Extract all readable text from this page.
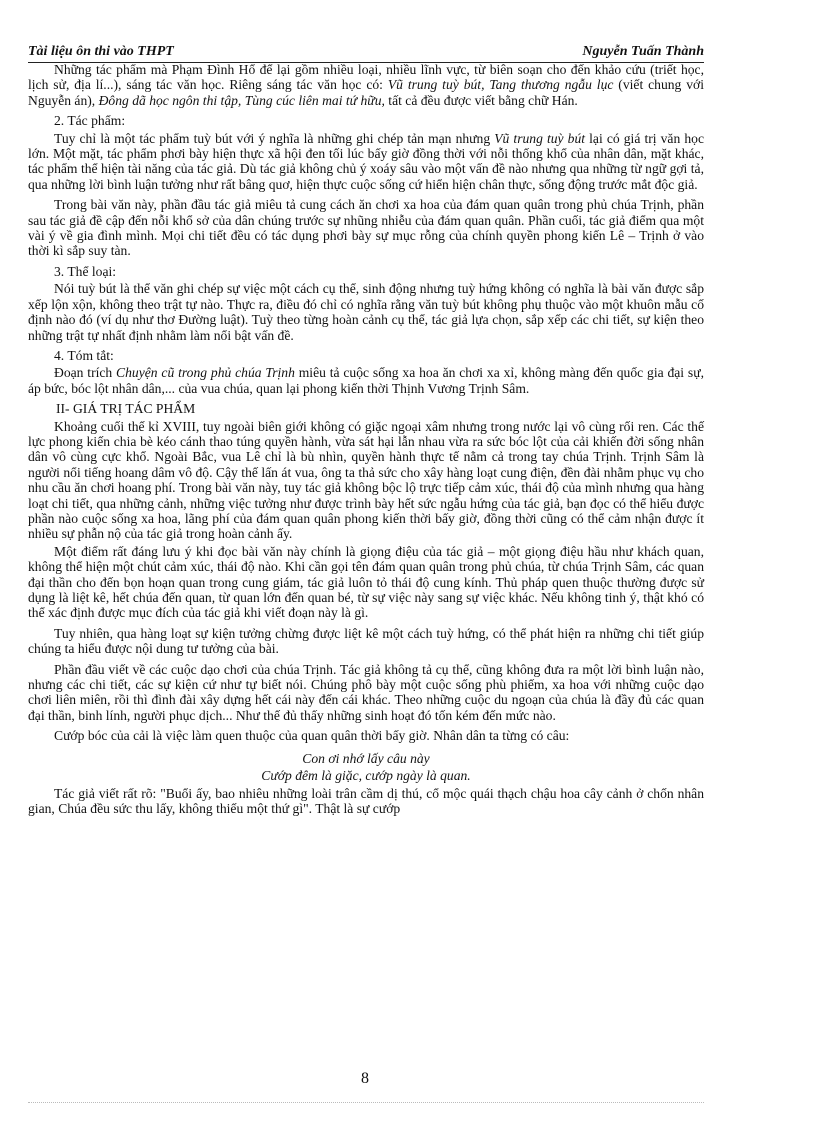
Tài liệu ôn thi vào THPT	Nguyễn Tuấn Thành

Những tác phẩm mà Phạm Đình Hổ để lại gồm nhiều loại, nhiều lĩnh vực, từ biên soạn cho đến khảo cứu (triết học, lịch sử, địa lí...), sáng tác văn học. Riêng sáng tác văn học có: Vũ trung tuỳ bút, Tang thương ngẫu lục (viết chung với Nguyễn án), Đông dã học ngôn thi tập, Tùng cúc liên mai tứ hữu, tất cả đều được viết bằng chữ Hán.

2. Tác phẩm:

Tuy chỉ là một tác phẩm tuỳ bút với ý nghĩa là những ghi chép tản mạn nhưng Vũ trung tuỳ bút lại có giá trị văn học lớn. Một mặt, tác phẩm phơi bày hiện thực xã hội đen tối lúc bấy giờ đồng thời với nỗi thống khổ của nhân dân, mặt khác, tác phẩm thể hiện tài năng của tác giả. Dù tác giả không chủ ý xoáy sâu vào một vấn đề nào nhưng qua những từ ngữ gợi tả, qua những lời bình luận tưởng như rất bâng quơ, hiện thực cuộc sống cứ hiển hiện chân thực, sống động trước mắt độc giả.

Trong bài văn này, phần đầu tác giả miêu tả cung cách ăn chơi xa hoa của đám quan quân trong phủ chúa Trịnh, phần sau tác giả đề cập đến nỗi khổ sở của dân chúng trước sự nhũng nhiễu của đám quan quân. Phần cuối, tác giả điểm qua một vài ý về gia đình mình. Mọi chi tiết đều có tác dụng phơi bày sự mục rỗng của chính quyền phong kiến Lê – Trịnh ở vào thời kì sắp suy tàn.

3. Thể loại:

Nói tuỳ bút là thể văn ghi chép sự việc một cách cụ thể, sinh động nhưng tuỳ hứng không có nghĩa là bài văn được sắp xếp lộn xộn, không theo trật tự nào. Thực ra, điều đó chỉ có nghĩa rằng văn tuỳ bút không phụ thuộc vào một khuôn mẫu cố định nào đó (ví dụ như thơ Đường luật). Tuỳ theo từng hoàn cảnh cụ thể, tác giả lựa chọn, sắp xếp các chi tiết, sự kiện theo những trật tự nhất định nhằm làm nổi bật vấn đề.

4. Tóm tắt:

Đoạn trích Chuyện cũ trong phủ chúa Trịnh miêu tả cuộc sống xa hoa ăn chơi xa xỉ, không màng đến quốc gia đại sự, áp bức, bóc lột nhân dân,... của vua chúa, quan lại phong kiến thời Thịnh Vương Trịnh Sâm.

II- GIÁ TRỊ TÁC PHẨM

Khoảng cuối thế kỉ XVIII, tuy ngoài biên giới không có giặc ngoại xâm nhưng trong nước lại vô cùng rối ren. Các thế lực phong kiến chia bè kéo cánh thao túng quyền hành, vừa sát hại lẫn nhau vừa ra sức bóc lột của cải khiến đời sống nhân dân vô cùng cực khổ. Ngoài Bắc, vua Lê chỉ là bù nhìn, quyền hành thực tế nằm cả trong tay chúa Trịnh. Trịnh Sâm là người nổi tiếng hoang dâm vô độ. Cậy thế lấn át vua, ông ta thả sức cho xây hàng loạt cung điện, đền đài nhằm phục vụ cho nhu cầu ăn chơi hoang phí. Trong bài văn này, tuy tác giả không bộc lộ trực tiếp cảm xúc, thái độ của mình nhưng qua hàng loạt chi tiết, qua những cảnh, những việc tưởng như được trình bày hết sức ngẫu hứng của tác giả, bạn đọc có thể hiểu được phần nào cuộc sống xa hoa, lãng phí của đám quan quân phong kiến thời bấy giờ, đồng thời cũng có thể cảm nhận được ít nhiều sự phẫn nộ của tác giả trong hoàn cảnh ấy.

Một điểm rất đáng lưu ý khi đọc bài văn này chính là giọng điệu của tác giả – một giọng điệu hầu như khách quan, không thể hiện một chút cảm xúc, thái độ nào. Khi cần gọi tên đám quan quân trong phủ chúa, từ chúa Trịnh Sâm, các quan đại thần cho đến bọn hoạn quan trong cung giám, tác giả luôn tỏ thái độ cung kính. Thủ pháp quen thuộc thường được sử dụng là liệt kê, hết chúa đến quan, từ quan lớn đến quan bé, từ sự việc này sang sự việc khác. Nếu không tinh ý, thật khó có thể xác định được mục đích của tác giả khi viết đoạn này là gì.

Tuy nhiên, qua hàng loạt sự kiện tưởng chừng được liệt kê một cách tuỳ hứng, có thể phát hiện ra những chi tiết giúp chúng ta hiểu được nội dung tư tưởng của bài.

Phần đầu viết về các cuộc dạo chơi của chúa Trịnh. Tác giả không tả cụ thể, cũng không đưa ra một lời bình luận nào, nhưng các chi tiết, các sự kiện cứ như tự biết nói. Chúng phô bày một cuộc sống phù phiếm, xa hoa với những cuộc dạo chơi liên miên, rồi thì đình đài xây dựng hết cái này đến cái khác. Theo những cuộc du ngoạn của chúa là đầy đủ các quan đại thần, binh lính, người phục dịch... Như thế đủ thấy những sinh hoạt đó tốn kém đến mức nào.

Cướp bóc của cải là việc làm quen thuộc của quan quân thời bấy giờ. Nhân dân ta từng có câu:

Con ơi nhớ lấy câu này
Cướp đêm là giặc, cướp ngày là quan.

Tác giả viết rất rõ: "Buổi ấy, bao nhiêu những loài trân cầm dị thú, cổ mộc quái thạch chậu hoa cây cảnh ở chốn nhân gian, Chúa đều sức thu lấy, không thiếu một thứ gì". Thật là sự cướp

8
